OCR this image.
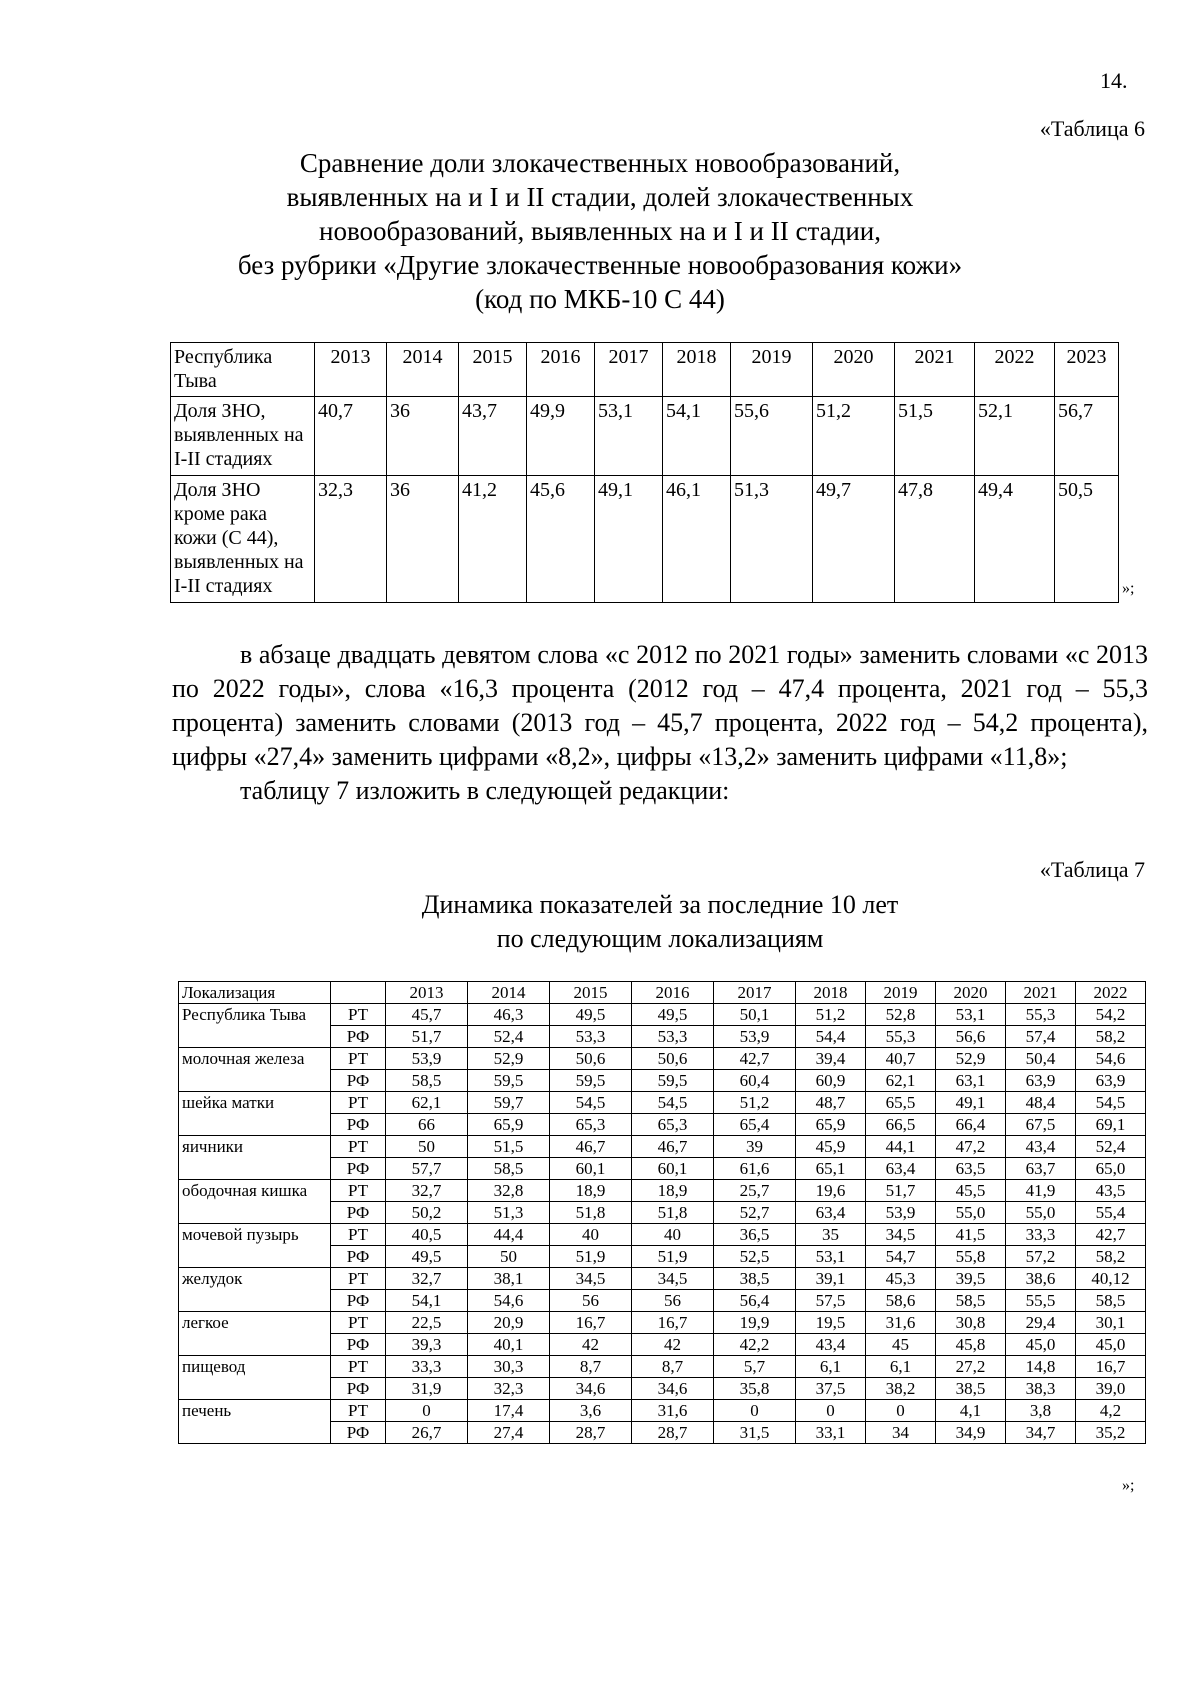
14.
«Таблица 6
Сравнение доли злокачественных новообразований,
выявленных на и I и II стадии, долей злокачественных
новообразований, выявленных на и I и II стадии,
без рубрики «Другие злокачественные новообразования кожи»
(код по МКБ-10 С 44)
Республика Тыва	2013	2014	2015	2016	2017	2018	2019	2020	2021	2022	2023
Доля ЗНО, выявленных на I-II стадиях	40,7	36	43,7	49,9	53,1	54,1	55,6	51,2	51,5	52,1	56,7
Доля ЗНО кроме рака кожи (С 44), выявленных на I-II стадиях	32,3	36	41,2	45,6	49,1	46,1	51,3	49,7	47,8	49,4	50,5
»;

в абзаце двадцать девятом слова «с 2012 по 2021 годы» заменить словами «с 2013 по 2022 годы», слова «16,3 процента (2012 год – 47,4 процента, 2021 год – 55,3 процента) заменить словами (2013 год – 45,7 процента, 2022 год – 54,2 процента), цифры «27,4» заменить цифрами «8,2», цифры «13,2» заменить цифрами «11,8»;

таблицу 7 изложить в следующей редакции:

«Таблица 7
Динамика показателей за последние 10 лет
по следующим локализациям
Локализация		2013	2014	2015	2016	2017	2018	2019	2020	2021	2022
Республика Тыва	РТ	45,7	46,3	49,5	49,5	50,1	51,2	52,8	53,1	55,3	54,2
	РФ	51,7	52,4	53,3	53,3	53,9	54,4	55,3	56,6	57,4	58,2
молочная железа	РТ	53,9	52,9	50,6	50,6	42,7	39,4	40,7	52,9	50,4	54,6
	РФ	58,5	59,5	59,5	59,5	60,4	60,9	62,1	63,1	63,9	63,9
шейка матки	РТ	62,1	59,7	54,5	54,5	51,2	48,7	65,5	49,1	48,4	54,5
	РФ	66	65,9	65,3	65,3	65,4	65,9	66,5	66,4	67,5	69,1
яичники	РТ	50	51,5	46,7	46,7	39	45,9	44,1	47,2	43,4	52,4
	РФ	57,7	58,5	60,1	60,1	61,6	65,1	63,4	63,5	63,7	65,0
ободочная кишка	РТ	32,7	32,8	18,9	18,9	25,7	19,6	51,7	45,5	41,9	43,5
	РФ	50,2	51,3	51,8	51,8	52,7	63,4	53,9	55,0	55,0	55,4
мочевой пузырь	РТ	40,5	44,4	40	40	36,5	35	34,5	41,5	33,3	42,7
	РФ	49,5	50	51,9	51,9	52,5	53,1	54,7	55,8	57,2	58,2
желудок	РТ	32,7	38,1	34,5	34,5	38,5	39,1	45,3	39,5	38,6	40,12
	РФ	54,1	54,6	56	56	56,4	57,5	58,6	58,5	55,5	58,5
легкое	РТ	22,5	20,9	16,7	16,7	19,9	19,5	31,6	30,8	29,4	30,1
	РФ	39,3	40,1	42	42	42,2	43,4	45	45,8	45,0	45,0
пищевод	РТ	33,3	30,3	8,7	8,7	5,7	6,1	6,1	27,2	14,8	16,7
	РФ	31,9	32,3	34,6	34,6	35,8	37,5	38,2	38,5	38,3	39,0
печень	РТ	0	17,4	3,6	31,6	0	0	0	4,1	3,8	4,2
	РФ	26,7	27,4	28,7	28,7	31,5	33,1	34	34,9	34,7	35,2
»;
